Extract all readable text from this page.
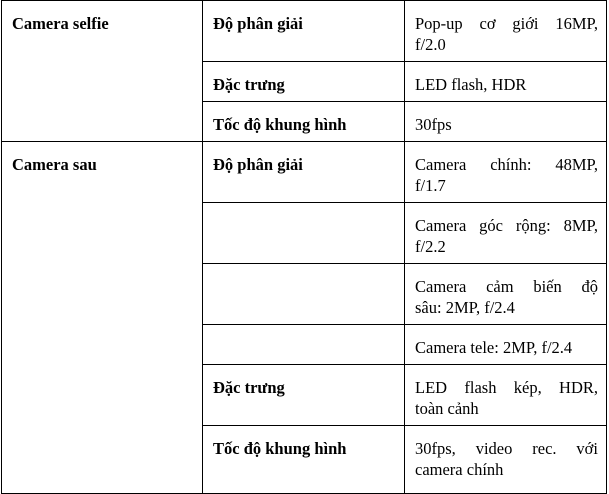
Camera selfie	Độ phân giải	Pop-up cơ giới 16MP,
f/2.0

	Đặc trưng	LED flash, HDR

	Tốc độ khung hình	30fps

Camera sau	Độ phân giải	Camera chính: 48MP,
f/1.7

		Camera góc rộng: 8MP,
f/2.2

		Camera cảm biến độ
sâu: 2MP, f/2.4

		Camera tele: 2MP, f/2.4

	Đặc trưng	LED flash kép, HDR,
toàn cảnh

	Tốc độ khung hình	30fps, video rec. với
camera chính
